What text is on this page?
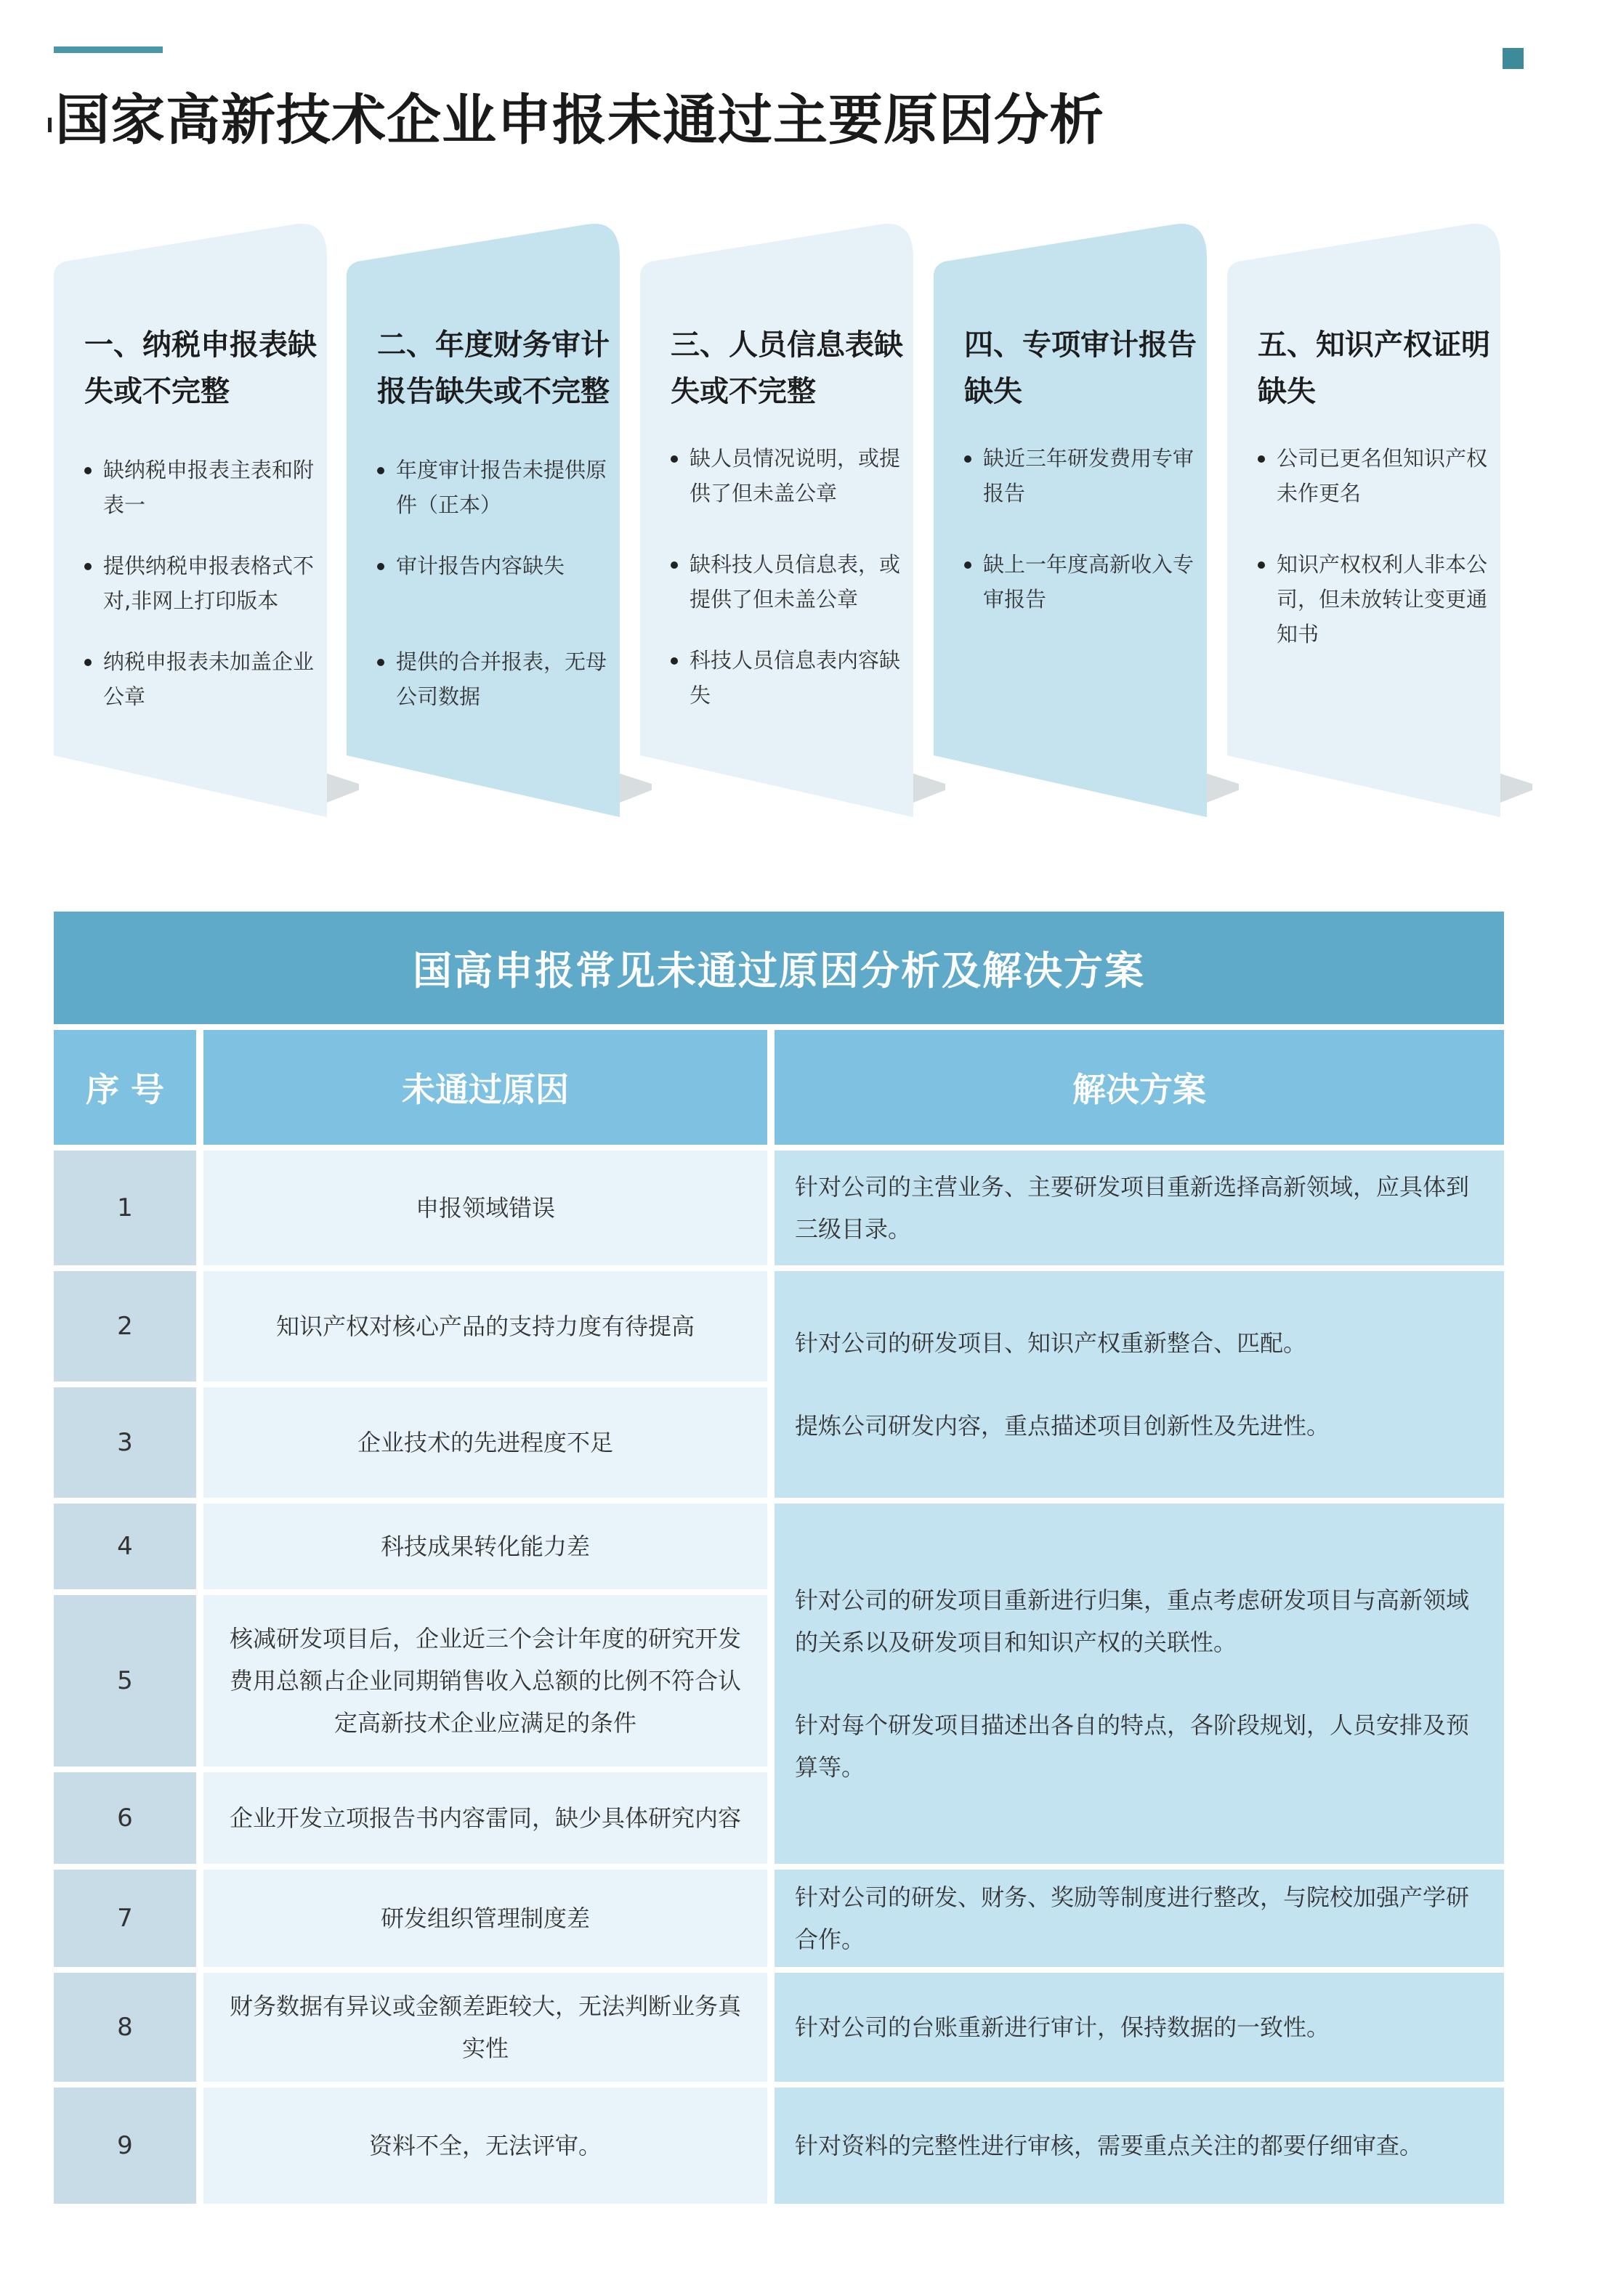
国家高新技术企业申报未通过主要原因分析
一、纳税申报表缺失或不完整
缺纳税申报表主表和附表一
提供纳税申报表格式不对,非网上打印版本
纳税申报表未加盖企业公章
二、年度财务审计报告缺失或不完整
年度审计报告未提供原件（正本）
审计报告内容缺失
提供的合并报表，无母公司数据
三、人员信息表缺失或不完整
缺人员情况说明，或提供了但未盖公章
缺科技人员信息表，或提供了但未盖公章
科技人员信息表内容缺失
四、专项审计报告缺失
缺近三年研发费用专审报告
缺上一年度高新收入专审报告
五、知识产权证明缺失
公司已更名但知识产权未作更名
知识产权权利人非本公司，但未放转让变更通知书
国高申报常见未通过原因分析及解决方案
序 号	未通过原因	解决方案
1	申报领域错误	针对公司的主营业务、主要研发项目重新选择高新领域，应具体到三级目录。

2	知识产权对核心产品的支持力度有待提高	针对公司的研发项目、知识产权重新整合、匹配。

提炼公司研发内容，重点描述项目创新性及先进性。

3	企业技术的先进程度不足	
4	科技成果转化能力差	针对公司的研发项目重新进行归集，重点考虑研发项目与高新领域的关系以及研发项目和知识产权的关联性。

针对每个研发项目描述出各自的特点，各阶段规划，人员安排及预算等。

5	核减研发项目后，企业近三个会计年度的研究开发费用总额占企业同期销售收入总额的比例不符合认定高新技术企业应满足的条件	
6	企业开发立项报告书内容雷同，缺少具体研究内容	
7	研发组织管理制度差	针对公司的研发、财务、奖励等制度进行整改，与院校加强产学研合作。

8	财务数据有异议或金额差距较大，无法判断业务真实性	针对公司的台账重新进行审计，保持数据的一致性。

9	资料不全，无法评审。	针对资料的完整性进行审核，需要重点关注的都要仔细审查。
